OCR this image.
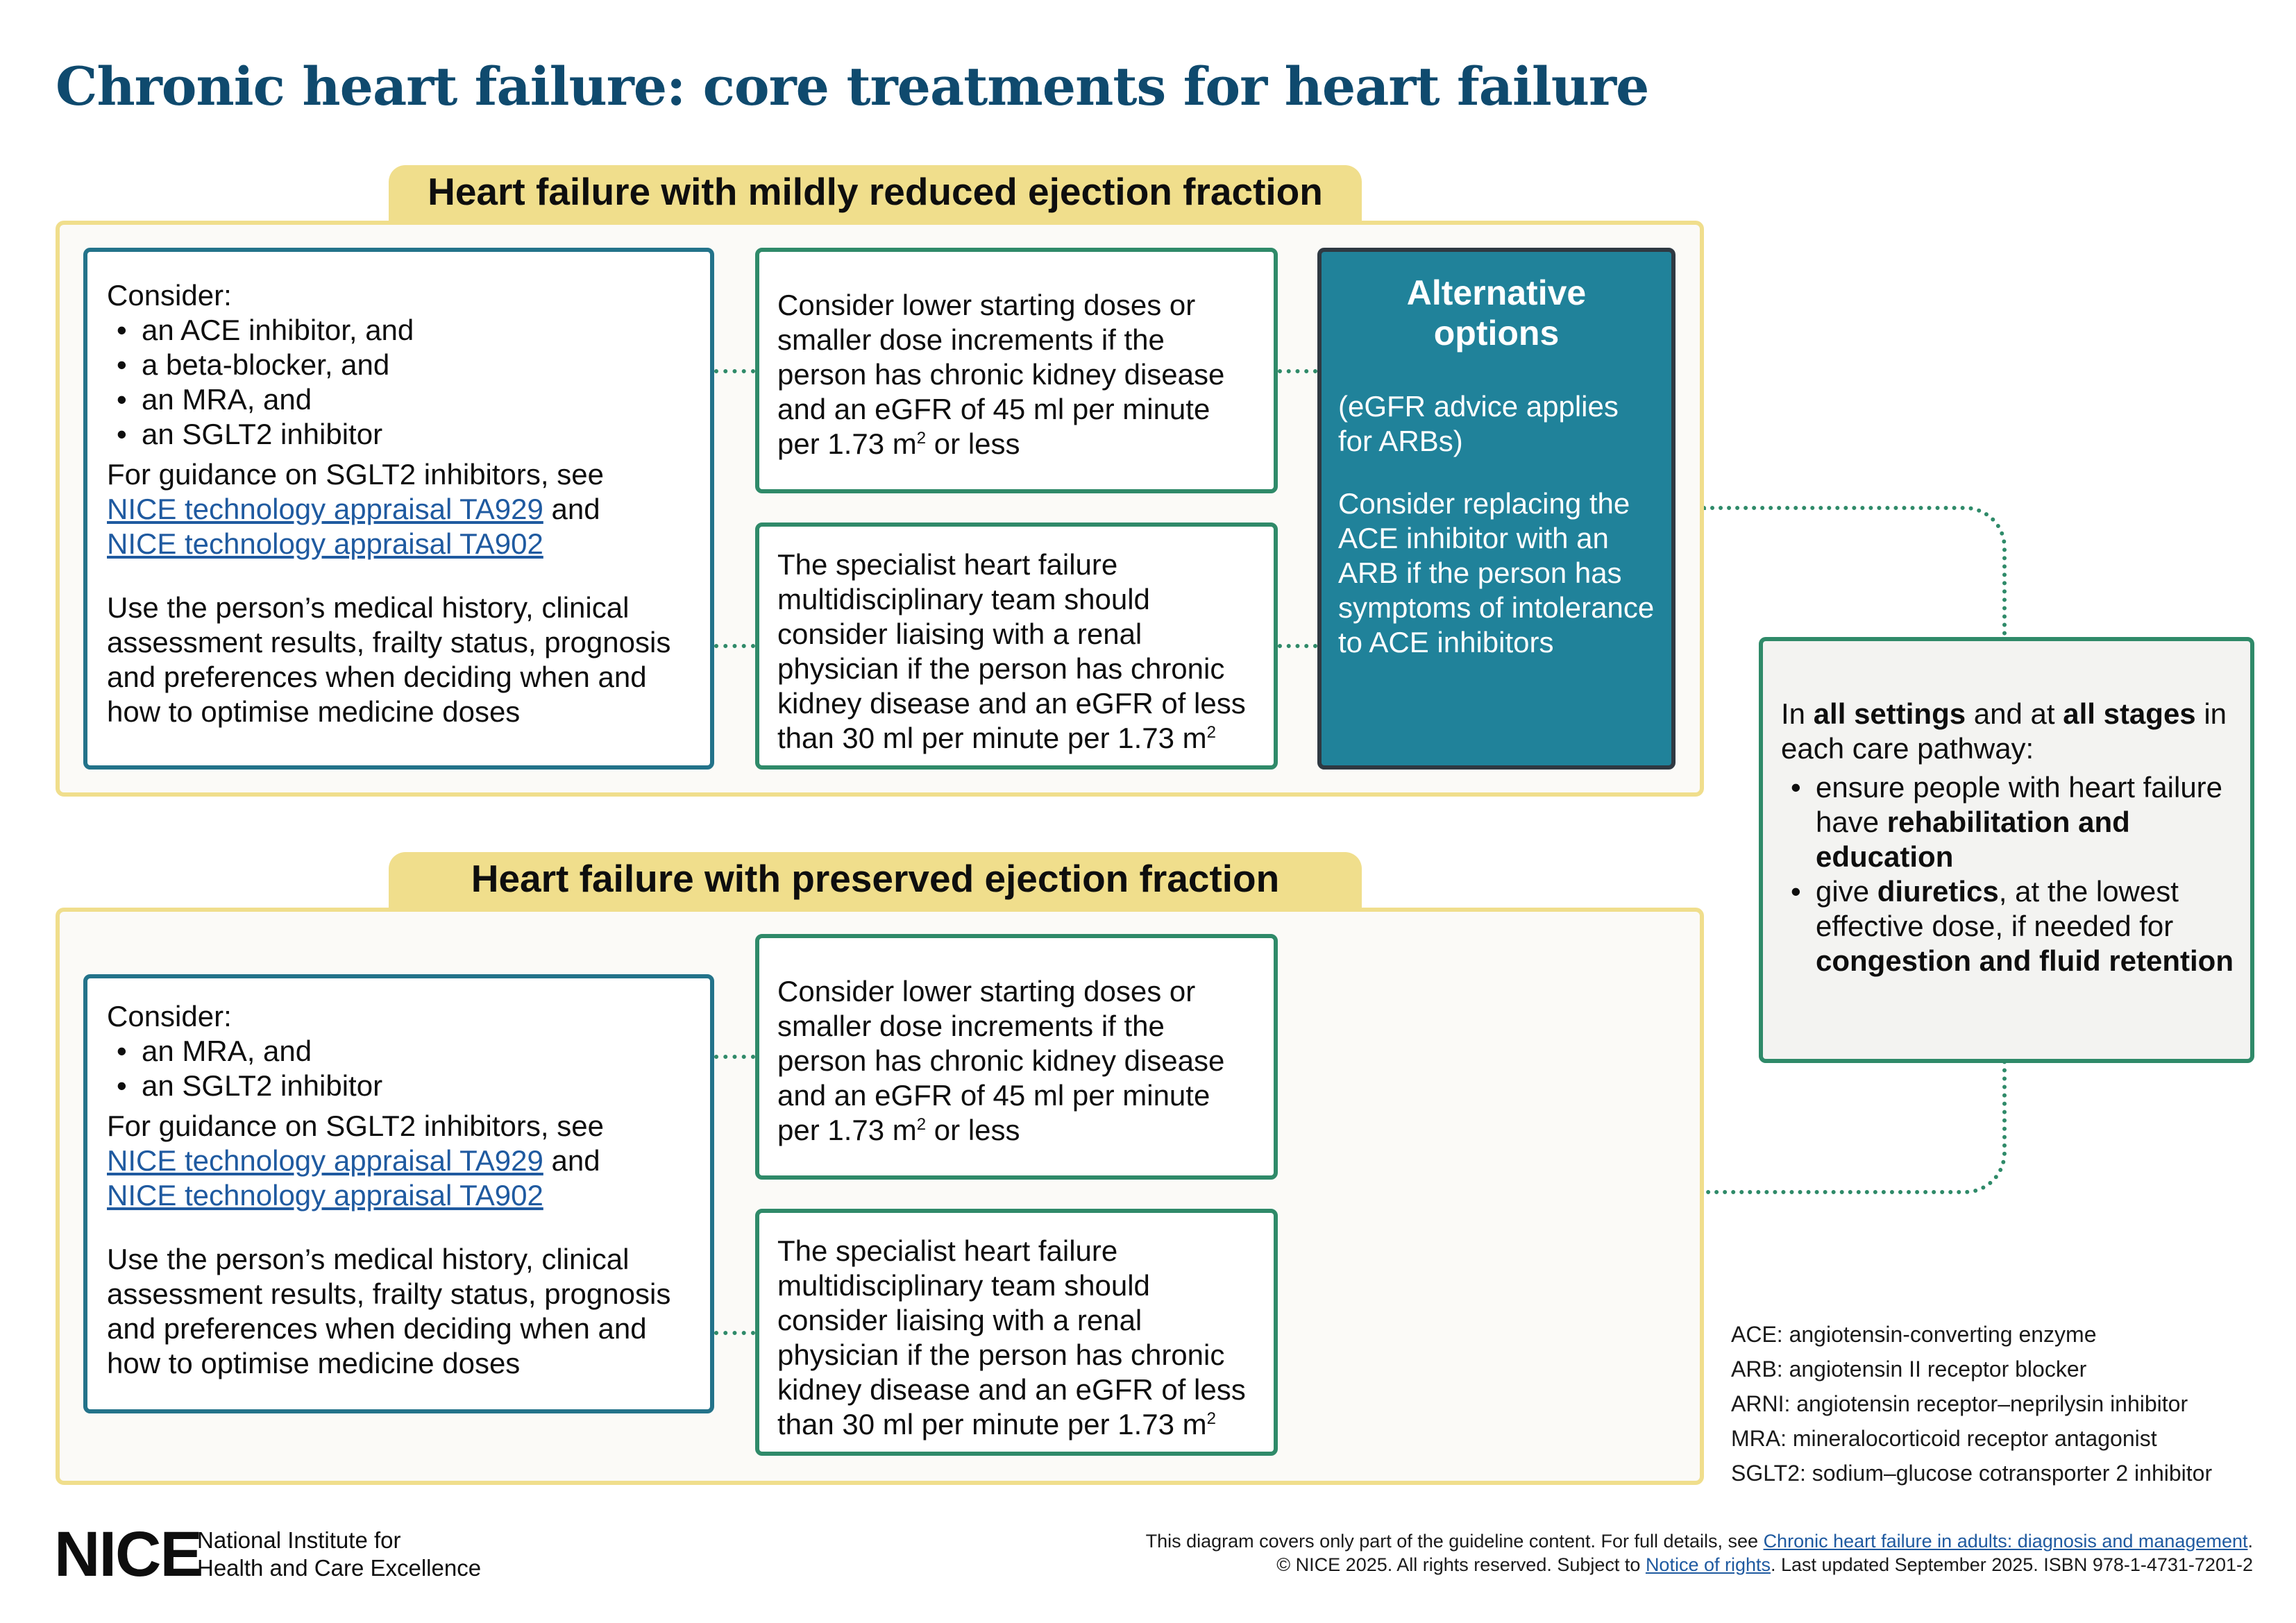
Chronic heart failure: core treatments for heart failure
Heart failure with mildly reduced ejection fraction
Consider:
• an ACE inhibitor, and
• a beta-blocker, and
• an MRA, and
• an SGLT2 inhibitor
For guidance on SGLT2 inhibitors, see
NICE technology appraisal TA929 and
NICE technology appraisal TA902
Use the person’s medical history, clinical assessment results, frailty status, prognosis and preferences when deciding when and how to optimise medicine doses
Consider lower starting doses or smaller dose increments if the person has chronic kidney disease and an eGFR of 45 ml per minute per 1.73 $m^2$ or less
The specialist heart failure multidisciplinary team should consider liaising with a renal physician if the person has chronic kidney disease and an eGFR of less than 30 ml per minute per 1.73 $m^2$
Alternative options
(eGFR advice applies for ARBs)
Consider replacing the ACE inhibitor with an ARB if the person has symptoms of intolerance to ACE inhibitors
Heart failure with preserved ejection fraction
Consider:
• an MRA, and
• an SGLT2 inhibitor
For guidance on SGLT2 inhibitors, see
NICE technology appraisal TA929 and
NICE technology appraisal TA902
Use the person’s medical history, clinical assessment results, frailty status, prognosis and preferences when deciding when and how to optimise medicine doses
Consider lower starting doses or smaller dose increments if the person has chronic kidney disease and an eGFR of 45 ml per minute per 1.73 $m^2$ or less
The specialist heart failure multidisciplinary team should consider liaising with a renal physician if the person has chronic kidney disease and an eGFR of less than 30 ml per minute per 1.73 $m^2$
In all settings and at all stages in each care pathway:
• ensure people with heart failure have rehabilitation and education
• give diuretics, at the lowest effective dose, if needed for congestion and fluid retention
ACE: angiotensin-converting enzyme
ARB: angiotensin II receptor blocker
ARNI: angiotensin receptor–neprilysin inhibitor
MRA: mineralocorticoid receptor antagonist
SGLT2: sodium–glucose cotransporter 2 inhibitor
NICE
National Institute for
Health and Care Excellence
This diagram covers only part of the guideline content. For full details, see Chronic heart failure in adults: diagnosis and management.
© NICE 2025. All rights reserved. Subject to Notice of rights. Last updated September 2025. ISBN 978-1-4731-7201-2
